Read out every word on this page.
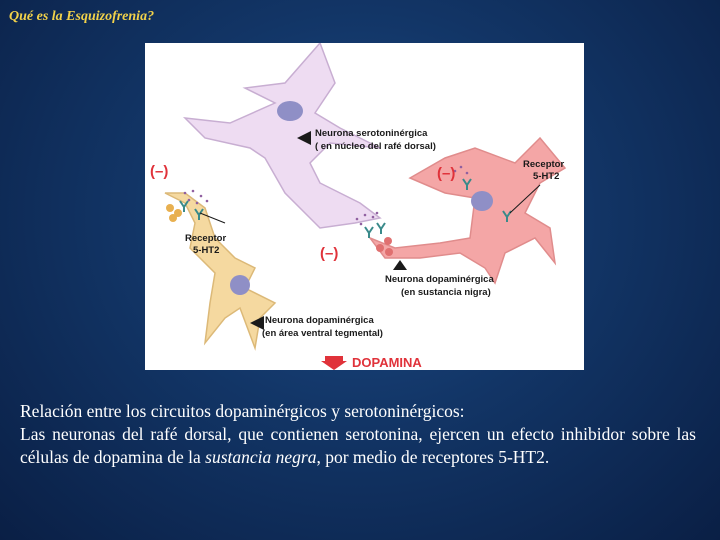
Qué es la Esquizofrenia?
Neurona serotoninérgica
( en núcleo del rafé dorsal)
Receptor
5-HT2
Receptor
5-HT2
Neurona dopaminérgica
(en sustancia nigra)
Neurona dopaminérgica
(en área ventral tegmental)
(–)	(–)
(–)
DOPAMINA

Relación entre los circuitos dopaminérgicos y serotoninérgicos:

Las neuronas del rafé dorsal, que contienen serotonina, ejercen un efecto inhibidor sobre las células de dopamina de la sustancia negra, por medio de receptores 5-HT2.
